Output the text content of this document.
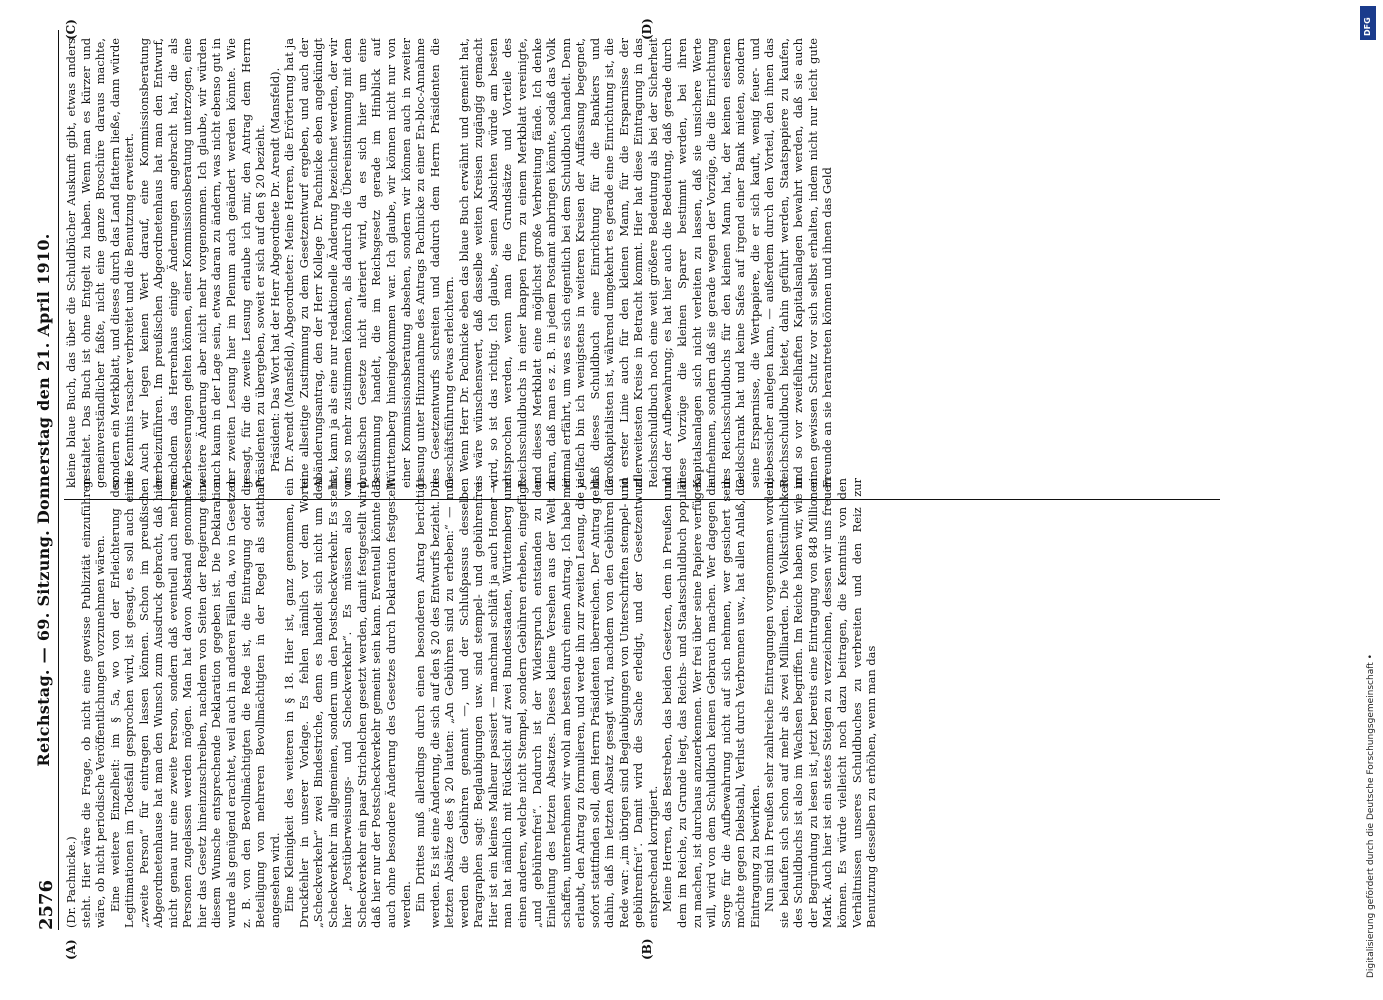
2576
Reichstag. — 69. Sitzung. Donnerstag den 21. April 1910.
(A)	(B)
(C)	(D)

(Dr. Pachnicke.) steht. Hier wäre die Frage, ob nicht eine gewisse Publizität einzuführen wäre, ob nicht periodische Veröffentlichungen vorzunehmen wären. Eine weitere Einzelheit: im § 5a, wo von der Erleichterung der Legitimationen im Todesfall gesprochen wird, ist gesagt, es soll auch eine „zweite Person“ für eintragen lassen können. Schon im preußischen Abgeordnetenhause hat man den Wunsch zum Ausdruck gebracht, daß hier nicht genau nur eine zweite Person, sondern daß eventuell auch mehrere Personen zugelassen werden mögen. Man hat davon Abstand genommen, hier das Gesetz hineinzuschreiben, nachdem von Seiten der Regierung eine diesem Wunsche entsprechende Deklaration gegeben ist. Die Deklaration wurde als genügend erachtet, weil auch in anderen Fällen da, wo in Gesetzen z. B. von den Bevollmächtigten die Rede ist, die Eintragung oder die Beteiligung von mehreren Bevollmächtigten in der Regel als statthaft angesehen wird. Eine Kleinigkeit des weiteren in § 18. Hier ist, ganz genommen, ein Druckfehler in unserer Vorlage. Es fehlen nämlich vor dem Worte „Scheckverkehr“ zwei Bindestriche, denn es handelt sich nicht um den Scheckverkehr im allgemeinen, sondern um den Postscheckverkehr. Es steht hier „Postüberweisungs- und Scheckverkehr“. Es müssen also vor Scheckverkehr ein paar Strichelchen gesetzt werden, damit festgestellt wird, daß hier nur der Postscheckverkehr gemeint sein kann. Eventuell könnte das auch ohne besondere Änderung des Gesetzes durch Deklaration festgestellt werden. Ein Drittes muß allerdings durch einen besonderen Antrag berichtigt werden. Es ist eine Änderung, die sich auf den § 20 des Entwurfs bezieht. Die letzten Absätze des § 20 lauten: „An Gebühren sind zu erheben:“ — nun werden die Gebühren genannt —, und der Schlußpassus desselben Paragraphen sagt: Beglaubigungen usw. sind stempel- und gebührenfrei. Hier ist ein kleines Malheur passiert — manchmal schläft ja auch Homer —; man hat nämlich mit Rücksicht auf zwei Bundesstaaten, Württemberg und einen anderen, welche nicht Stempel, sondern Gebühren erheben, eingefügt: „und gebührenfrei“. Dadurch ist der Widerspruch entstanden zu der Einleitung des letzten Absatzes. Dieses kleine Versehen aus der Welt zu schaffen, unternehmen wir wohl am besten durch einen Antrag. Ich habe mir erlaubt, den Antrag zu formulieren, und werde ihn zur zweiten Lesung, die ja sofort stattfinden soll, dem Herrn Präsidenten überreichen. Der Antrag geht dahin, daß im letzten Absatz gesagt wird, nachdem von den Gebühren die Rede war: „im übrigen sind Beglaubigungen von Unterschriften stempel- und gebührenfrei“. Damit wird die Sache erledigt, und der Gesetzentwurf entsprechend korrigiert. Meine Herren, das Bestreben, das beiden Gesetzen, dem in Preußen und dem im Reiche, zu Grunde liegt, das Reichs- und Staatsschuldbuch populär zu machen, ist durchaus anzuerkennen. Wer frei über seine Papiere verfügen will, wird von dem Schuldbuch keinen Gebrauch machen. Wer dagegen die Sorge für die Aufbewahrung nicht auf sich nehmen, wer gesichert sein möchte gegen Diebstahl, Verlust durch Verbrennen usw., hat allen Anlaß, die Eintragung zu bewirken. Nun sind in Preußen sehr zahlreiche Eintragungen vorgenommen worden; sie belaufen sich schon auf mehr als zwei Milliarden. Die Volkstümlichkeit des Schuldbuchs ist also im Wachsen begriffen. Im Reiche haben wir, wie in der Begründung zu lesen ist, jetzt bereits eine Eintragung von 848 Millionen Mark. Auch hier ist ein stetes Steigen zu verzeichnen, dessen wir uns freuen können. Es würde vielleicht noch dazu beitragen, die Kenntnis von den Verhältnissen unseres Schuldbuches zu verbreiten und den Reiz zur Benutzung desselben zu erhöhen, wenn man das

kleine blaue Buch, das über die Schuldbücher Auskunft gibt, etwas anders gestaltet. Das Buch ist ohne Entgelt zu haben. Wenn man es kürzer und gemeinverständlicher faßte, nicht eine ganze Broschüre daraus machte, sondern ein Merkblatt, und dieses durch das Land flattern ließe, dann würde die Kenntnis rascher verbreitet und die Benutzung erweitert. Auch wir legen keinen Wert darauf, eine Kommissionsberatung herbeizuführen. Im preußischen Abgeordnetenhaus hat man den Entwurf, nachdem das Herrenhaus einige Änderungen angebracht hat, die als Verbesserungen gelten können, einer Kommissionsberatung unterzogen, eine weitere Änderung aber nicht mehr vorgenommen. Ich glaube, wir würden auch kaum in der Lage sein, etwas daran zu ändern, was nicht ebenso gut in der zweiten Lesung hier im Plenum auch geändert werden könnte. Wie gesagt, für die zweite Lesung erlaube ich mir, den Antrag dem Herrn Präsidenten zu übergeben, soweit er sich auf den § 20 bezieht. Präsident: Das Wort hat der Herr Abgeordnete Dr. Arendt (Mansfeld). Dr. Arendt (Mansfeld), Abgeordneter: Meine Herren, die Erörterung hat ja eine allseitige Zustimmung zu dem Gesetzentwurf ergeben, und auch der Abänderungsantrag, den der Herr Kollege Dr. Pachnicke eben angekündigt hat, kann ja als eine nur redaktionelle Änderung bezeichnet werden, der wir uns so mehr zustimmen können, als dadurch die Übereinstimmung mit dem preußischen Gesetze nicht alteriert wird, da es sich hier um eine Bestimmung handelt, die im Reichsgesetz gerade im Hinblick auf Württemberg hineingekommen war. Ich glaube, wir können nicht nur von einer Kommissionsberatung absehen, sondern wir können auch in zweiter Lesung unter Hinzunahme des Antrags Pachnicke zu einer En-bloc-Annahme des Gesetzentwurfs schreiten und dadurch dem Herrn Präsidenten die Geschäftsführung etwas erleichtern. Wenn Herr Dr. Pachnicke eben das blaue Buch erwähnt und gemeint hat, es wäre wünschenswert, daß dasselbe weiten Kreisen zugängig gemacht wird, so ist das richtig. Ich glaube, seinen Absichten würde am besten entsprochen werden, wenn man die Grundsätze und Vorteile des Reichsschuldbuchs in einer knappen Form zu einem Merkblatt vereinigte, und dieses Merkblatt eine möglichst große Verbreitung fände. Ich denke daran, daß man es z. B. in jedem Postamt anbringen könnte, sodaß das Volk einmal erfährt, um was es sich eigentlich bei dem Schuldbuch handelt. Denn vielfach bin ich wenigstens in weiteren Kreisen der Auffassung begegnet, daß dieses Schuldbuch eine Einrichtung für die Bankiers und Großkapitalisten ist, während umgekehrt es gerade eine Einrichtung ist, die in erster Linie auch für den kleinen Mann, für die Ersparnisse der allerweitesten Kreise in Betracht kommt. Hier hat diese Eintragung in das Reichsschuldbuch noch eine weit größere Bedeutung als bei der Sicherheit und der Aufbewahrung; es hat hier auch die Bedeutung, daß gerade durch diese Vorzüge die kleinen Sparer bestimmt werden, bei ihren Kapitalsanlagen sich nicht verleiten zu lassen, daß sie unsichere Werte aufnehmen, sondern daß sie gerade wegen der Vorzüge, die die Einrichtung des Reichsschuldbuchs für den kleinen Mann hat, der keinen eisernen Geldschrank hat und keine Safes auf irgend einer Bank mieten, sondern seine Ersparnisse, die Wertpapiere, die er sich kauft, wenig feuer- und diebessicher anlegen kann, — außerdem durch den Vorteil, den ihnen das Reichsschuldbuch bietet, dahin geführt werden, Staatspapiere zu kaufen, und so vor zweifelhaften Kapitalsanlagen bewahrt werden, daß sie auch einen gewissen Schutz vor sich selbst erhalten, indem nicht nur leicht gute Freunde an sie herantreten können und ihnen das Geld

DFG
Digitalisierung gefördert durch die Deutsche Forschungsgemeinschaft •
